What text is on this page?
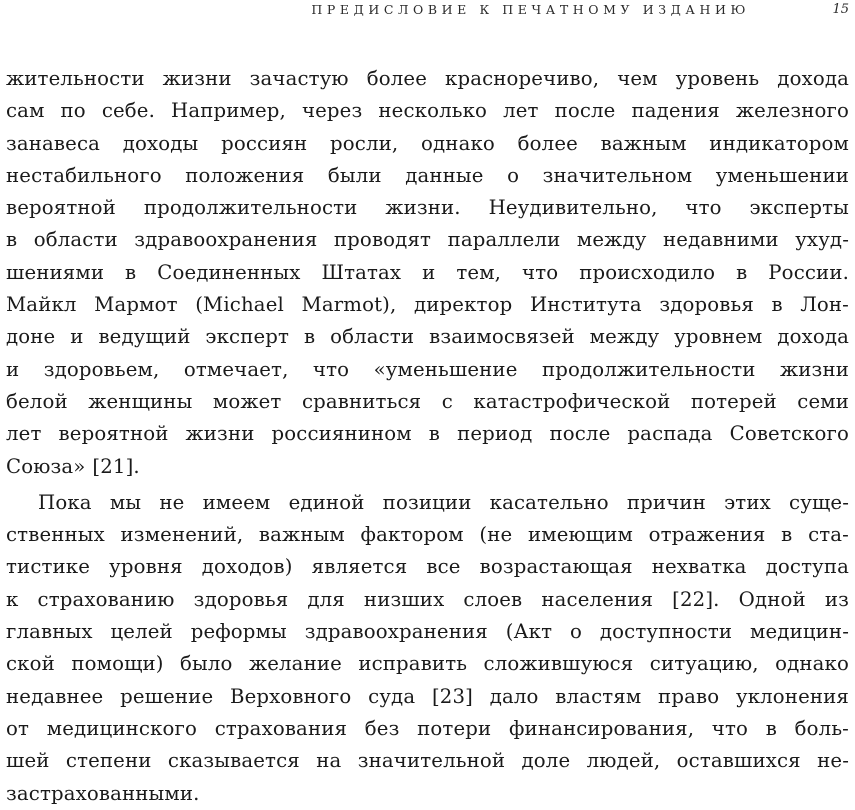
ПРЕДИСЛОВИЕ К ПЕЧАТНОМУ ИЗДАНИЮ	15
жительности жизни зачастую более красноречиво, чем уровень дохода
сам по себе. Например, через несколько лет после падения железного
занавеса доходы россиян росли, однако более важным индикатором
нестабильного положения были данные о значительном уменьшении
вероятной продолжительности жизни. Неудивительно, что эксперты
в области здравоохранения проводят параллели между недавними ухуд-
шениями в Соединенных Штатах и тем, что происходило в России.
Майкл Мармот (Michael Marmot), директор Института здоровья в Лон-
доне и ведущий эксперт в области взаимосвязей между уровнем дохода
и здоровьем, отмечает, что «уменьшение продолжительности жизни
белой женщины может сравниться с катастрофической потерей семи
лет вероятной жизни россиянином в период после распада Советского
Союза» [21].
Пока мы не имеем единой позиции касательно причин этих суще-
ственных изменений, важным фактором (не имеющим отражения в ста-
тистике уровня доходов) является все возрастающая нехватка доступа
к страхованию здоровья для низших слоев населения [22]. Одной из
главных целей реформы здравоохранения (Акт о доступности медицин-
ской помощи) было желание исправить сложившуюся ситуацию, однако
недавнее решение Верховного суда [23] дало властям право уклонения
от медицинского страхования без потери финансирования, что в боль-
шей степени сказывается на значительной доле людей, оставшихся не-
застрахованными.
